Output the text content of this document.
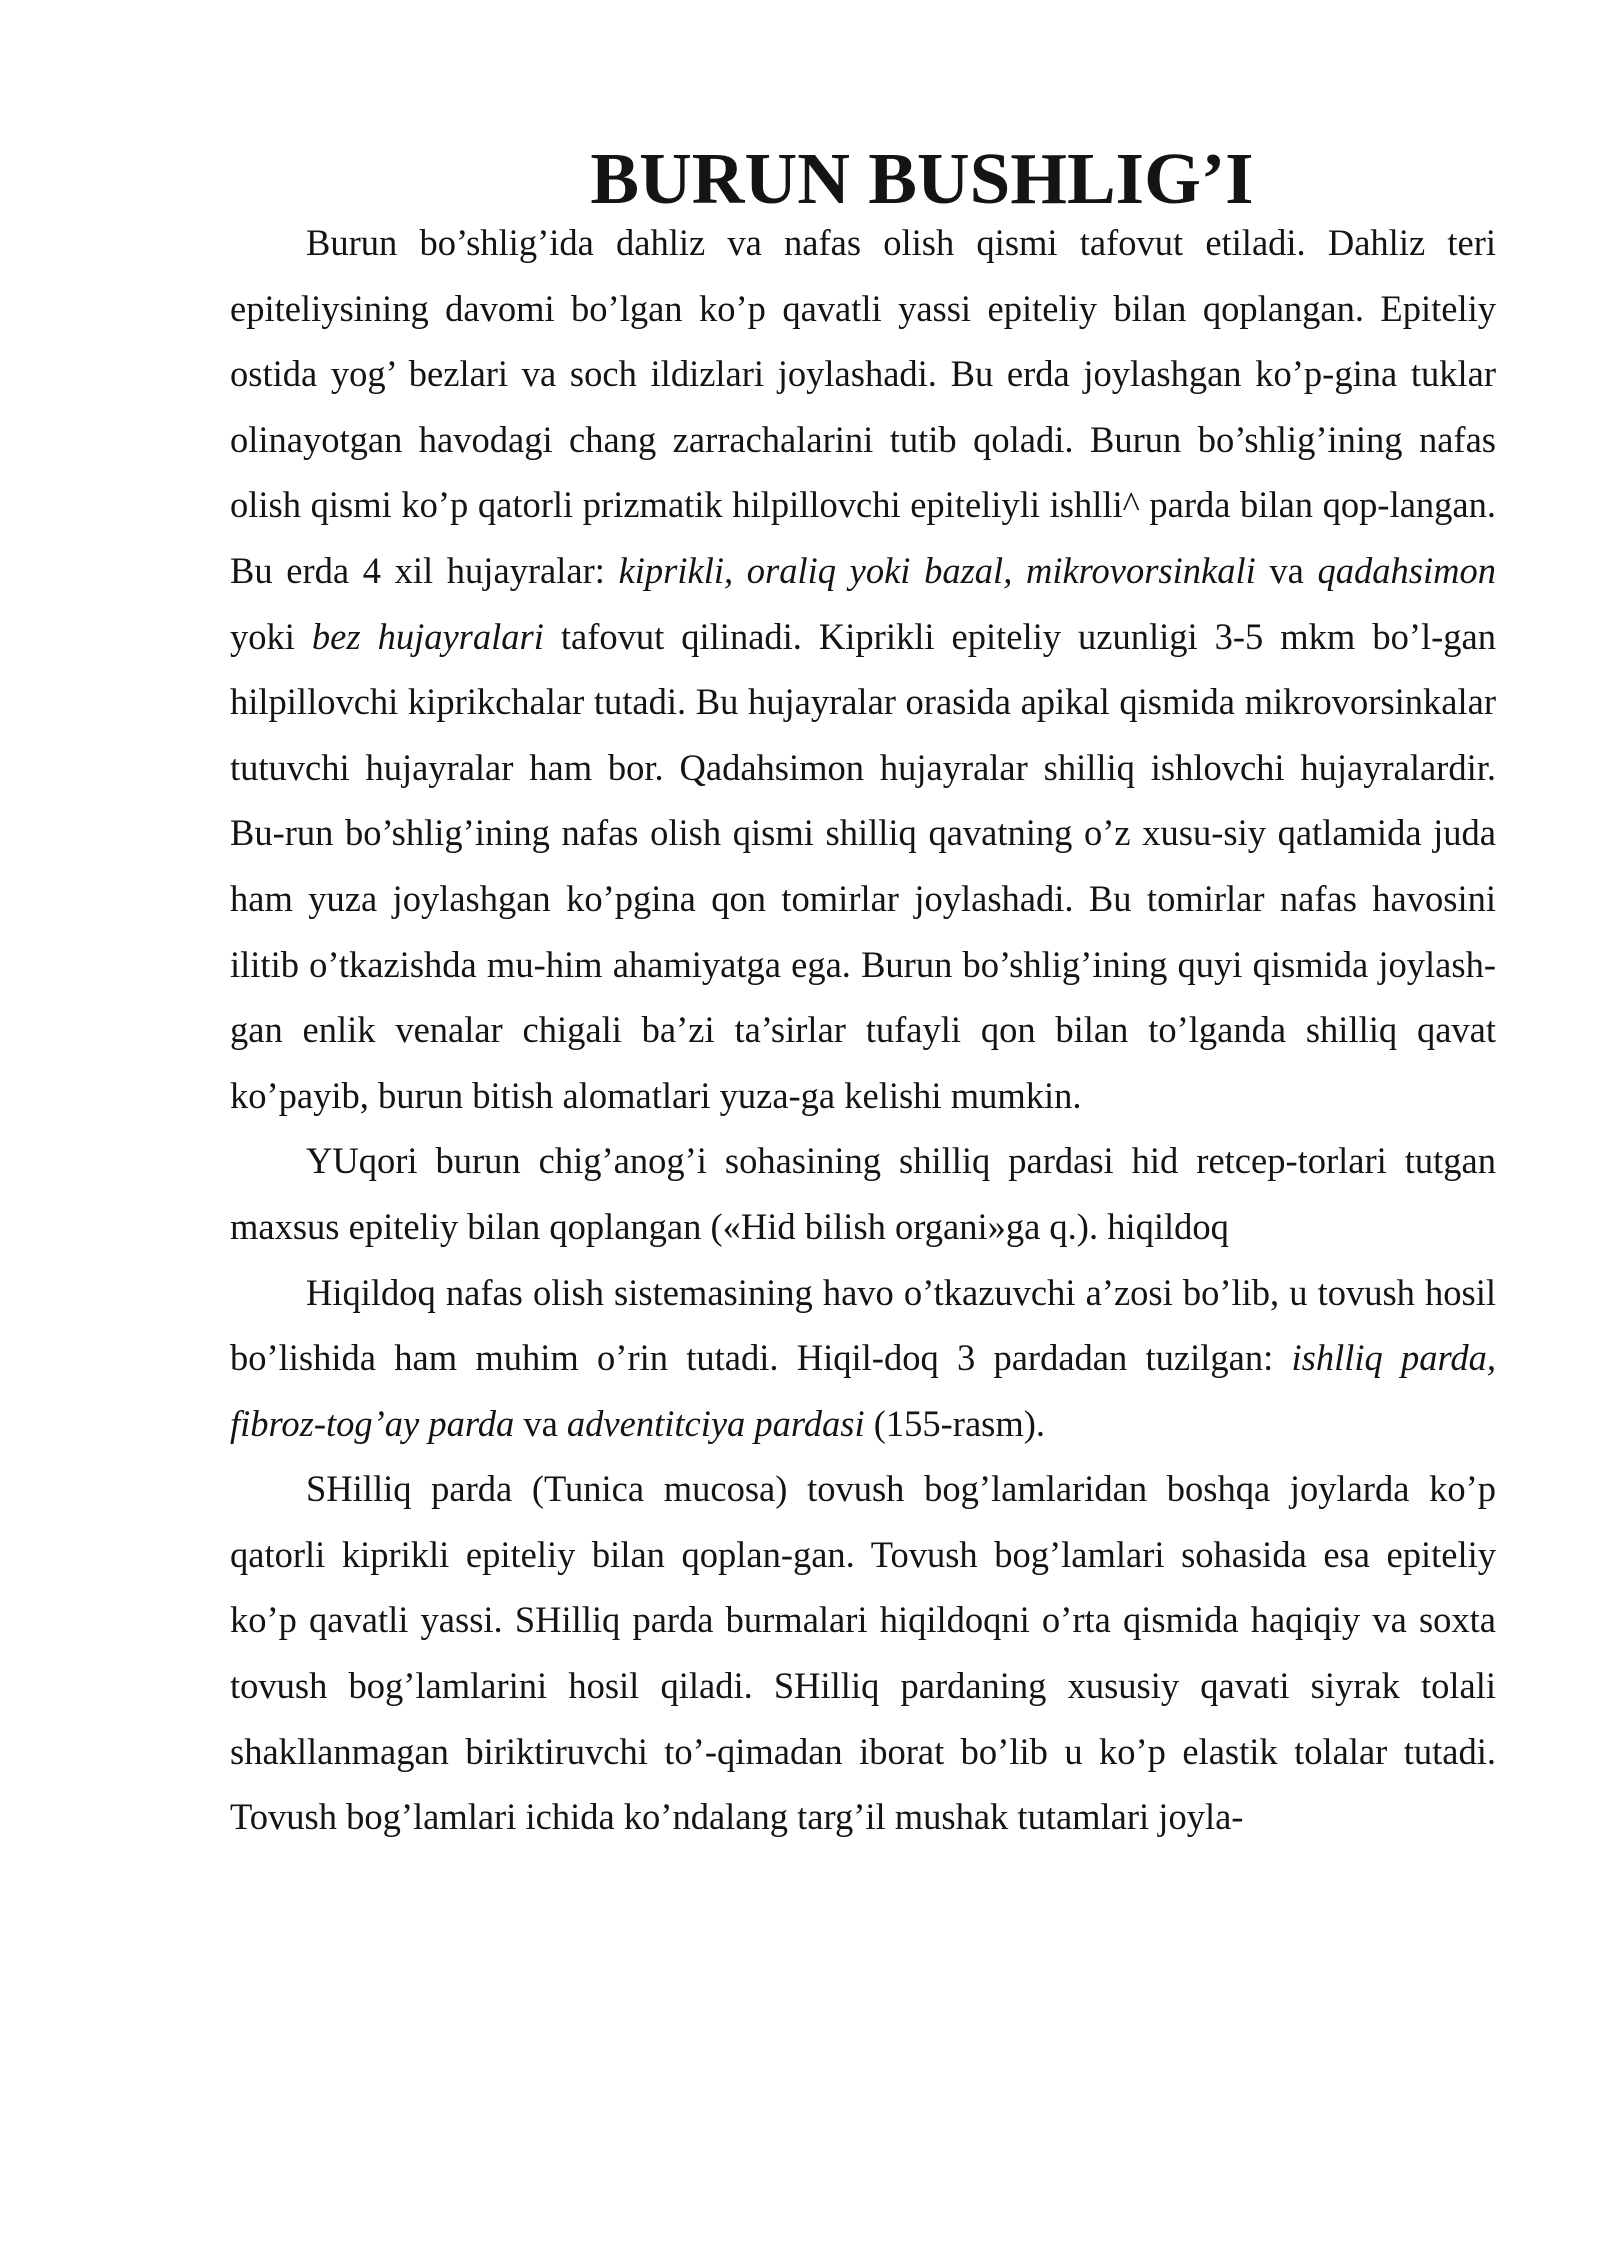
BURUN BUSHLIG’I

Burun bo’shlig’ida dahliz va nafas olish qismi tafovut etiladi. Dahliz teri epiteliysining davomi bo’lgan ko’p qavatli yassi epiteliy bilan qoplangan. Epiteliy ostida yog’ bezlari va soch ildizlari joylashadi. Bu erda joylashgan ko’p-gina tuklar olinayotgan havodagi chang zarrachalarini tutib qoladi. Burun bo’shlig’ining nafas olish qismi ko’p qatorli prizmatik hilpillovchi epiteliyli ishlli^ parda bilan qop-langan. Bu erda 4 xil hujayralar: kiprikli, oraliq yoki bazal, mikrovorsinkali va qadahsimon yoki bez hujayralari tafovut qilinadi. Kiprikli epiteliy uzunligi 3-5 mkm bo’l-gan hilpillovchi kiprikchalar tutadi. Bu hujayralar orasida apikal qismida mikrovorsinkalar tutuvchi hujayralar ham bor. Qadahsimon hujayralar shilliq ishlovchi hujayralardir. Bu-run bo’shlig’ining nafas olish qismi shilliq qavatning o’z xusu-siy qatlamida juda ham yuza joylashgan ko’pgina qon tomirlar joylashadi. Bu tomirlar nafas havosini ilitib o’tkazishda mu-him ahamiyatga ega. Burun bo’shlig’ining quyi qismida joylash-gan enlik venalar chigali ba’zi ta’sirlar tufayli qon bilan to’lganda shilliq qavat ko’payib, burun bitish alomatlari yuza-ga kelishi mumkin.

YUqori burun chig’anog’i sohasining shilliq pardasi hid retcep-torlari tutgan maxsus epiteliy bilan qoplangan («Hid bilish organi»ga q.). hiqildoq

Hiqildoq nafas olish sistemasining havo o’tkazuvchi a’zosi bo’lib, u tovush hosil bo’lishida ham muhim o’rin tutadi. Hiqil-doq 3 pardadan tuzilgan: ishlliq parda, fibroz-tog’ay parda va adventitciya pardasi (155-rasm).

SHilliq parda (Tunica mucosa) tovush bog’lamlaridan boshqa joylarda ko’p qatorli kiprikli epiteliy bilan qoplan-gan. Tovush bog’lamlari sohasida esa epiteliy ko’p qavatli yassi. SHilliq parda burmalari hiqildoqni o’rta qismida haqiqiy va soxta tovush bog’lamlarini hosil qiladi. SHilliq pardaning xususiy qavati siyrak tolali shakllanmagan biriktiruvchi to’-qimadan iborat bo’lib u ko’p elastik tolalar tutadi. Tovush bog’lamlari ichida ko’ndalang targ’il mushak tutamlari joyla-
